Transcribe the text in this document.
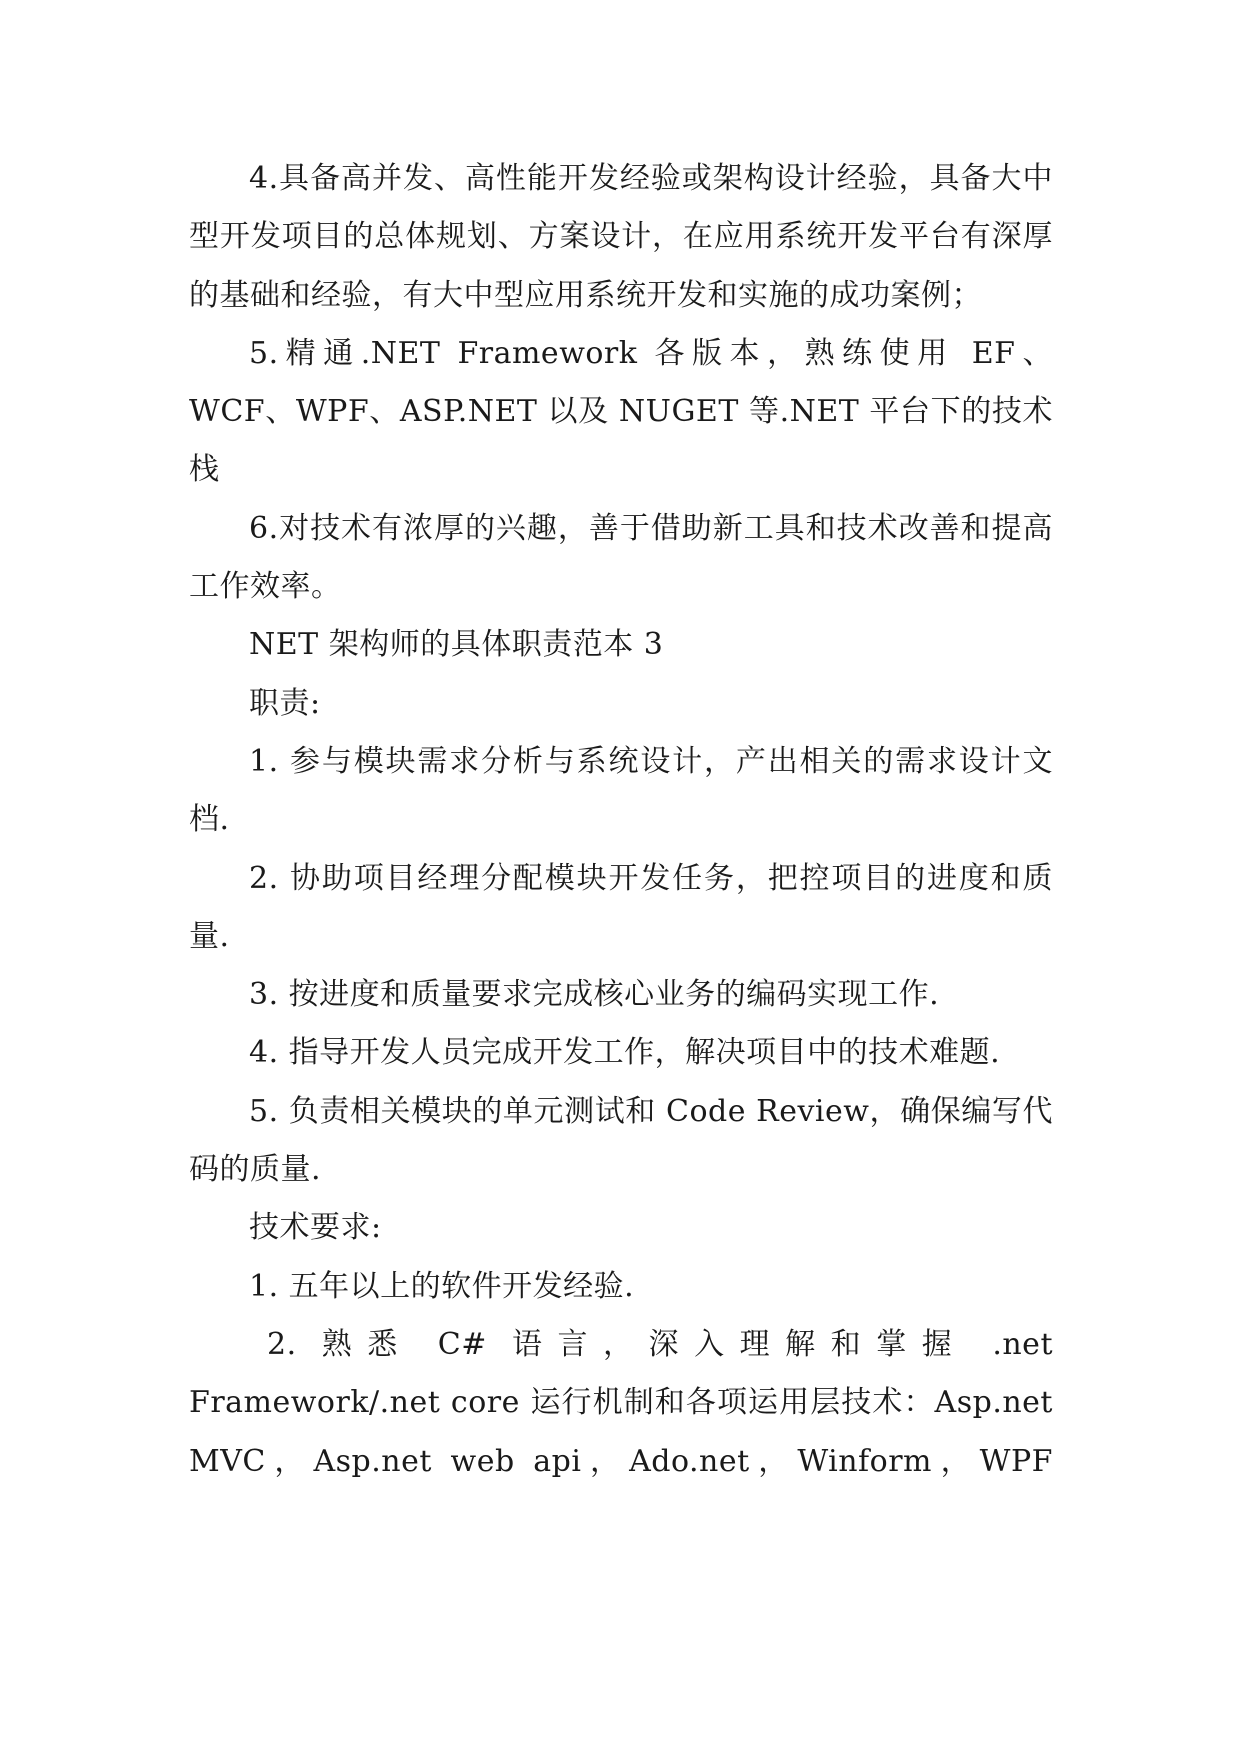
4.具备高并发、高性能开发经验或架构设计经验，具备大中型开发项目的总体规划、方案设计，在应用系统开发平台有深厚的基础和经验，有大中型应用系统开发和实施的成功案例；

5.精通.NET Framework 各版本，熟练使用 EF、WCF、WPF、ASP.NET 以及 NUGET 等.NET 平台下的技术栈

6.对技术有浓厚的兴趣，善于借助新工具和技术改善和提高工作效率。

NET 架构师的具体职责范本 3

职责:

1. 参与模块需求分析与系统设计，产出相关的需求设计文档.

2. 协助项目经理分配模块开发任务，把控项目的进度和质量.

3. 按进度和质量要求完成核心业务的编码实现工作.

4. 指导开发人员完成开发工作，解决项目中的技术难题.

5. 负责相关模块的单元测试和 Code Review，确保编写代码的质量.

技术要求:

1. 五年以上的软件开发经验.

2. 熟悉 C# 语言，深入理解和掌握 .net Framework/.net core 运行机制和各项运用层技术：Asp.net MVC，Asp.net web api，Ado.net，Winform，WPF
